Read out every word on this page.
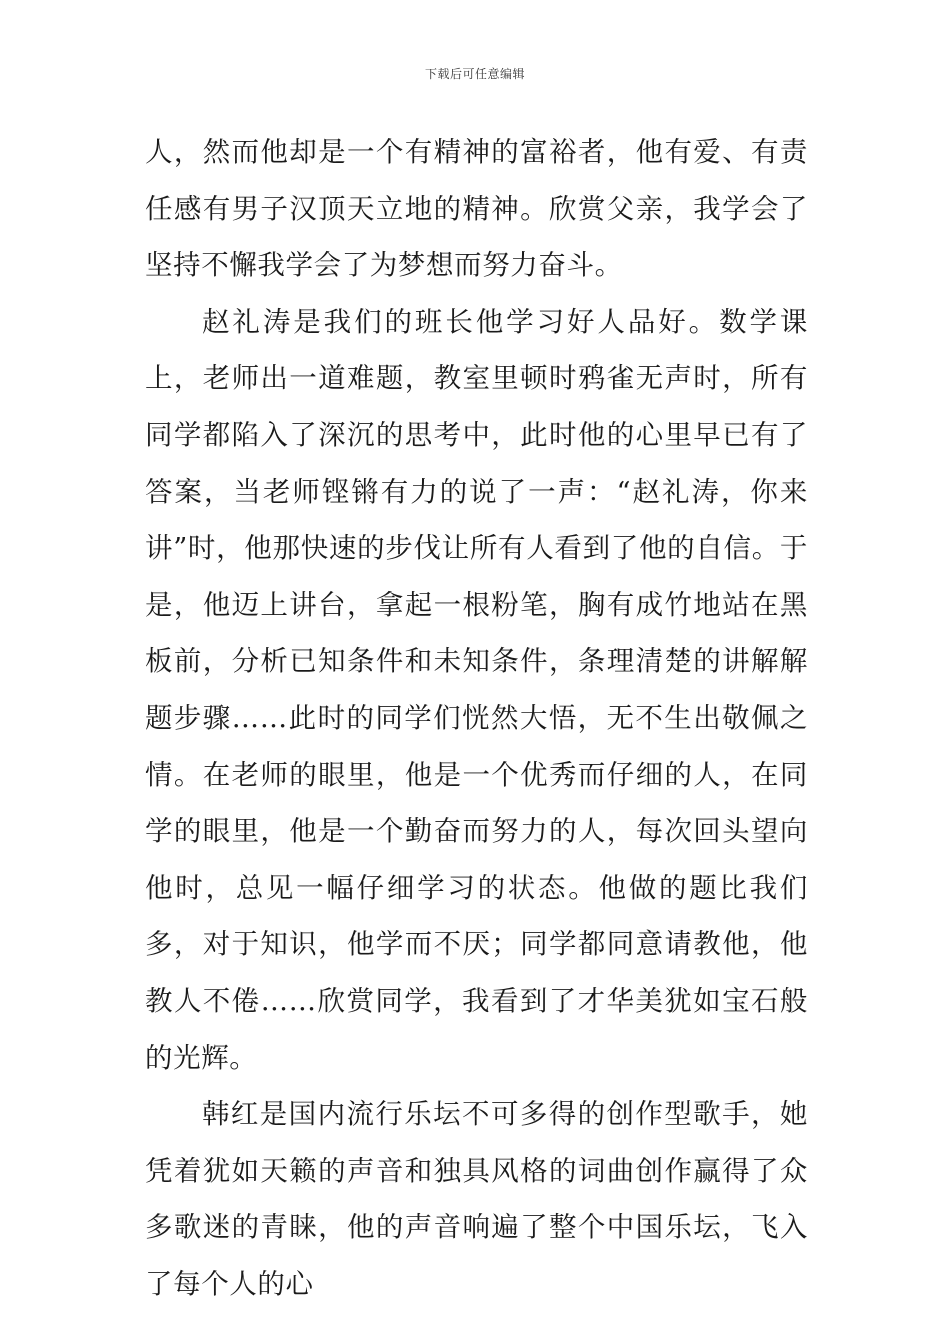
下载后可任意编辑

人，然而他却是一个有精神的富裕者，他有爱、有责任感有男子汉顶天立地的精神。欣赏父亲，我学会了坚持不懈我学会了为梦想而努力奋斗。

赵礼涛是我们的班长他学习好人品好。数学课上，老师出一道难题，教室里顿时鸦雀无声时，所有同学都陷入了深沉的思考中，此时他的心里早已有了答案，当老师铿锵有力的说了一声：“赵礼涛，你来讲”时，他那快速的步伐让所有人看到了他的自信。于是，他迈上讲台，拿起一根粉笔，胸有成竹地站在黑板前，分析已知条件和未知条件，条理清楚的讲解解题步骤……此时的同学们恍然大悟，无不生出敬佩之情。在老师的眼里，他是一个优秀而仔细的人，在同学的眼里，他是一个勤奋而努力的人，每次回头望向他时，总见一幅仔细学习的状态。他做的题比我们多，对于知识，他学而不厌；同学都同意请教他，他教人不倦……欣赏同学，我看到了才华美犹如宝石般的光辉。

韩红是国内流行乐坛不可多得的创作型歌手，她凭着犹如天籁的声音和独具风格的词曲创作赢得了众多歌迷的青睐，他的声音响遍了整个中国乐坛，飞入了每个人的心
